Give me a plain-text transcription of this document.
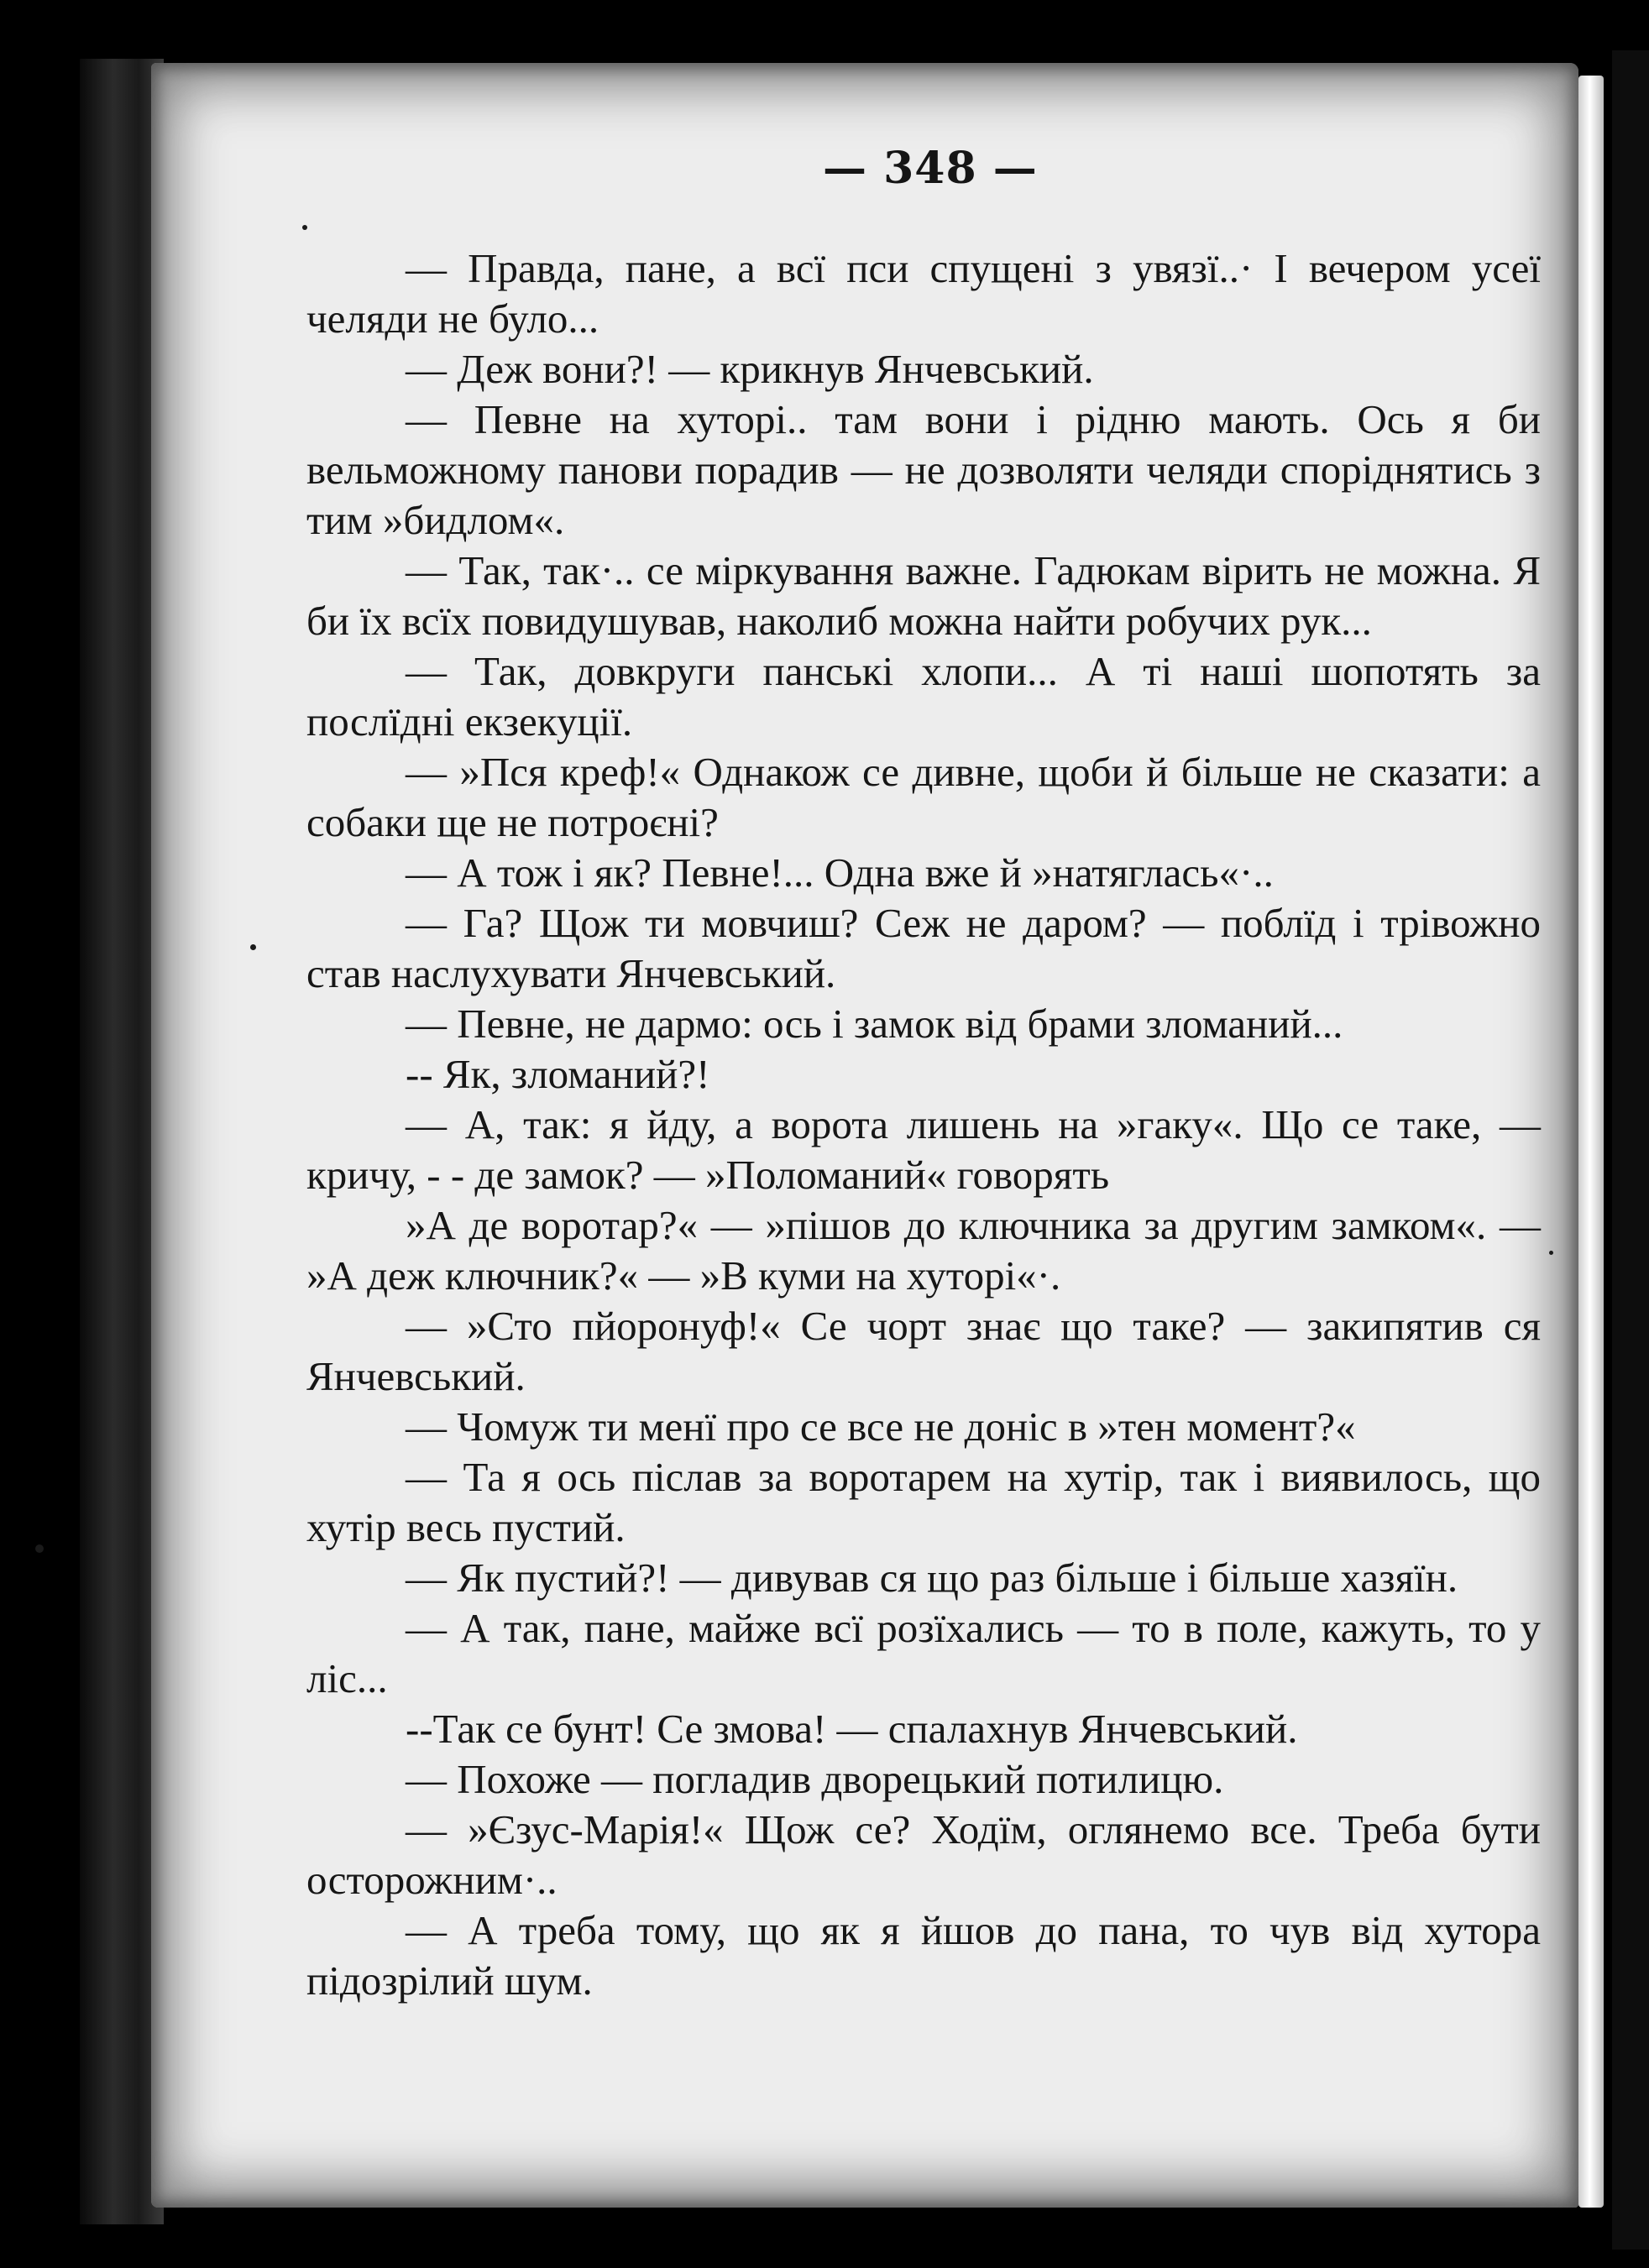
— 348 —

— Правда, пане, а всї пси спущені з увязї..· І вечером усеї челяди не було...

— Деж вони?! — крикнув Янчевський.

— Певне на хуторі.. там вони і рідню мають. Ось я би вельможному панови порадив — не дозволяти челяди споріднятись з тим »бидлом«.

— Так, так·.. се міркування важне. Гадюкам вірить не можна. Я би їх всїх повидушував, наколиб можна найти робучих рук...

— Так, довкруги панські хлопи... А ті наші шопотять за послїдні екзекуції.

— »Пся креф!« Однакож се дивне, щоби й більше не сказати: а собаки ще не потроєні?

— А тож і як? Певне!... Одна вже й »натяглась«·..

— Га? Щож ти мовчиш? Сеж не даром? — поблїд і трівожно став наслухувати Янчевський.

— Певне, не дармо: ось і замок від брами зломаний...

-- Як, зломаний?!

— А, так: я йду, а ворота лишень на »гаку«. Що се таке, — кричу, - - де замок? — »Поломаний« говорять

»А де воротар?« — »пішов до ключника за другим замком«. — »А деж ключник?« — »В куми на хуторі«·.

— »Сто пйоронуф!« Се чорт знає що таке? — закипятив ся Янчевський.

— Чомуж ти менї про се все не доніс в »тен момент?«

— Та я ось післав за воротарем на хутір, так і виявилось, що хутір весь пустий.

— Як пустий?! — дивував ся що раз більше і більше хазяїн.

— А так, пане, майже всї розїхались — то в поле, кажуть, то у ліс...

--Так се бунт! Се змова! — спалахнув Янчевський.

— Похоже — погладив дворецький потилицю.

— »Єзус-Марія!« Щож се? Ходїм, оглянемо все. Треба бути осторожним·..

— А треба тому, що як я йшов до пана, то чув від хутора підозрілий шум.
